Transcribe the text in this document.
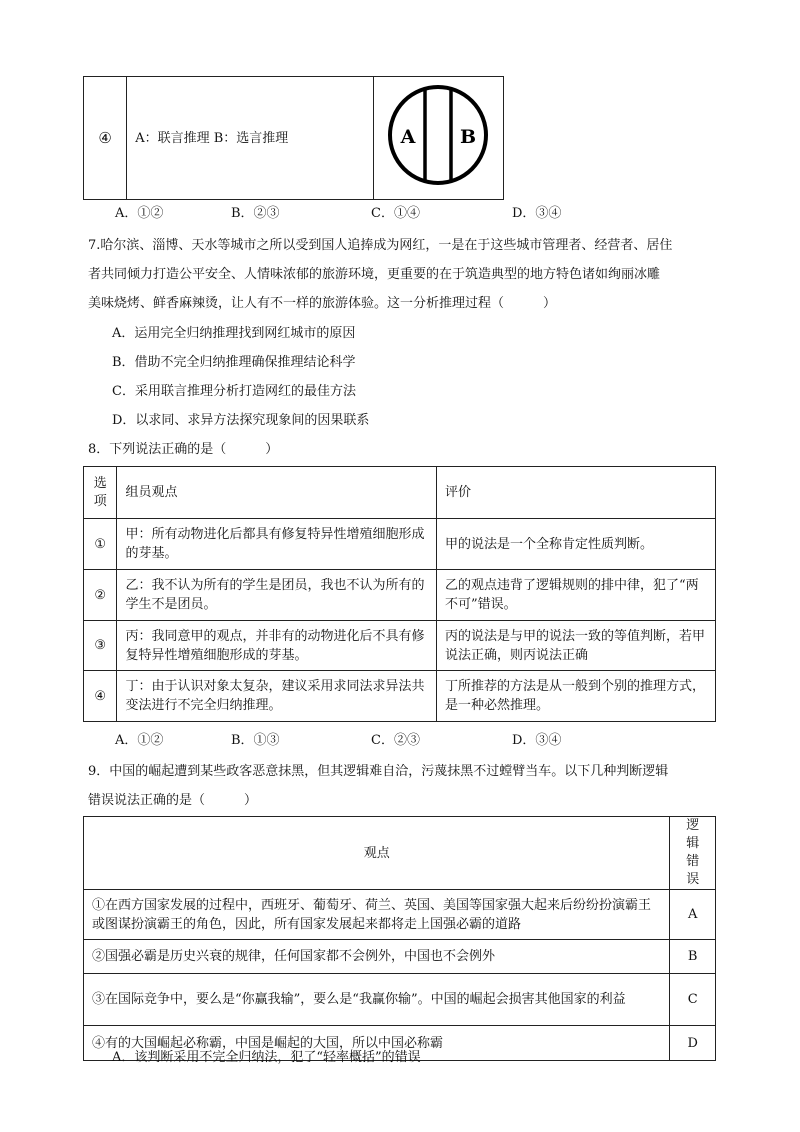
④	A：联言推理 B：选言推理	A B
A．①②	B．②③	C．①④	D．③④
7.哈尔滨、淄博、天水等城市之所以受到国人追捧成为网红，一是在于这些城市管理者、经营者、居住
者共同倾力打造公平安全、人情味浓郁的旅游环境，更重要的在于筑造典型的地方特色诸如绚丽冰雕
美味烧烤、鲜香麻辣烫，让人有不一样的旅游体验。这一分析推理过程（　　　）
A．运用完全归纳推理找到网红城市的原因
B．借助不完全归纳推理确保推理结论科学
C．采用联言推理分析打造网红的最佳方法
D．以求同、求异方法探究现象间的因果联系
8．下列说法正确的是（　　　）
选项	组员观点	评价
①	甲：所有动物进化后都具有修复特异性增殖细胞形成的芽基。	甲的说法是一个全称肯定性质判断。
②	乙：我不认为所有的学生是团员，我也不认为所有的学生不是团员。	乙的观点违背了逻辑规则的排中律，犯了“两不可”错误。
③	丙：我同意甲的观点，并非有的动物进化后不具有修复特异性增殖细胞形成的芽基。	丙的说法是与甲的说法一致的等值判断，若甲说法正确，则丙说法正确
④	丁：由于认识对象太复杂，建议采用求同法求异法共变法进行不完全归纳推理。	丁所推荐的方法是从一般到个别的推理方式，是一种必然推理。
A．①②	B．①③	C．②③	D．③④
9．中国的崛起遭到某些政客恶意抹黑，但其逻辑难自洽，污蔑抹黑不过螳臂当车。以下几种判断逻辑
错误说法正确的是（　　　）
观点	逻辑错误
①在西方国家发展的过程中，西班牙、葡萄牙、荷兰、英国、美国等国家强大起来后纷纷扮演霸王或图谋扮演霸王的角色，因此，所有国家发展起来都将走上国强必霸的道路	A
②国强必霸是历史兴衰的规律，任何国家都不会例外，中国也不会例外	B
③在国际竞争中，要么是“你赢我输”，要么是“我赢你输”。中国的崛起会损害其他国家的利益	C
④有的大国崛起必称霸，中国是崛起的大国，所以中国必称霸	D
A．该判断采用不完全归纳法，犯了“轻率概括”的错误
